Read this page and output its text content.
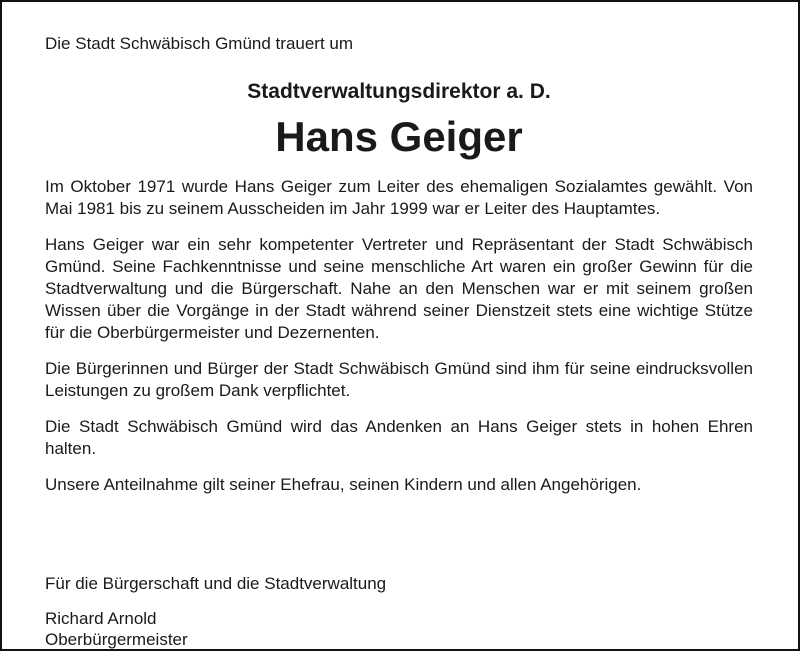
Die Stadt Schwäbisch Gmünd trauert um

Stadtverwaltungsdirektor a. D.

Hans Geiger

Im Oktober 1971 wurde Hans Geiger zum Leiter des ehemaligen Sozialamtes gewählt. Von Mai 1981 bis zu seinem Ausscheiden im Jahr 1999 war er Leiter des Hauptamtes.

Hans Geiger war ein sehr kompetenter Vertreter und Repräsentant der Stadt Schwäbisch Gmünd. Seine Fachkenntnisse und seine menschliche Art waren ein großer Gewinn für die Stadtverwaltung und die Bürgerschaft. Nahe an den Menschen war er mit seinem großen Wissen über die Vorgänge in der Stadt während seiner Dienstzeit stets eine wichtige Stütze für die Oberbürgermeister und Dezernenten.

Die Bürgerinnen und Bürger der Stadt Schwäbisch Gmünd sind ihm für seine eindrucksvollen Leistungen zu großem Dank verpflichtet.

Die Stadt Schwäbisch Gmünd wird das Andenken an Hans Geiger stets in hohen Ehren halten.

Unsere Anteilnahme gilt seiner Ehefrau, seinen Kindern und allen Angehörigen.

Für die Bürgerschaft und die Stadtverwaltung

Richard Arnold

Oberbürgermeister
